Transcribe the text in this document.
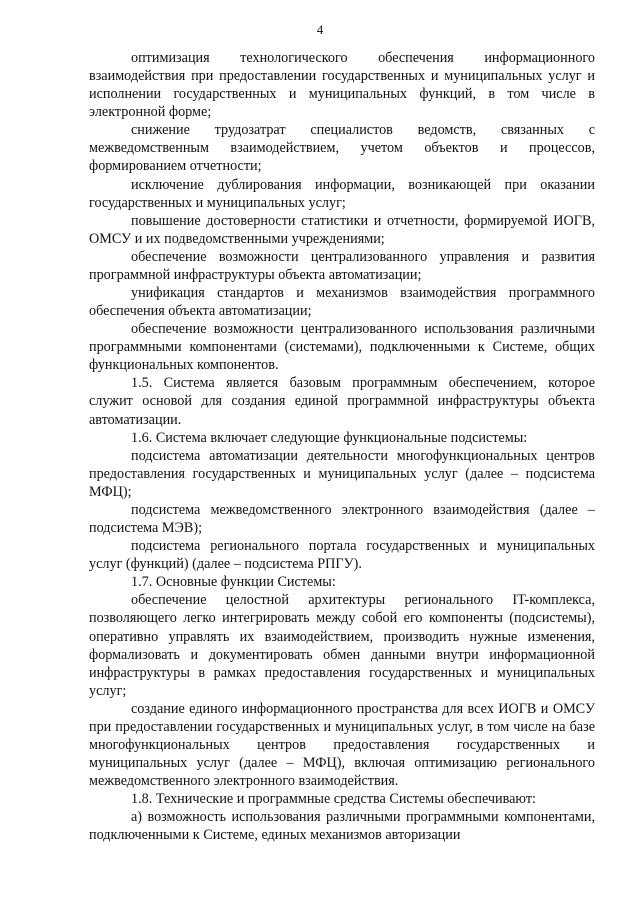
4

оптимизация технологического обеспечения информационного взаимодействия при предоставлении государственных и муниципальных услуг и исполнении государственных и муниципальных функций, в том числе в электронной форме;

снижение трудозатрат специалистов ведомств, связанных с межведомственным взаимодействием, учетом объектов и процессов, формированием отчетности;

исключение дублирования информации, возникающей при оказании государственных и муниципальных услуг;

повышение достоверности статистики и отчетности, формируемой ИОГВ, ОМСУ и их подведомственными учреждениями;

обеспечение возможности централизованного управления и развития программной инфраструктуры объекта автоматизации;

унификация стандартов и механизмов взаимодействия программного обеспечения объекта автоматизации;

обеспечение возможности централизованного использования различными программными компонентами (системами), подключенными к Системе, общих функциональных компонентов.

1.5. Система является базовым программным обеспечением, которое служит основой для создания единой программной инфраструктуры объекта автоматизации.

1.6. Система включает следующие функциональные подсистемы:

подсистема автоматизации деятельности многофункциональных центров предоставления государственных и муниципальных услуг (далее – подсистема МФЦ);

подсистема межведомственного электронного взаимодействия (далее – подсистема МЭВ);

подсистема регионального портала государственных и муниципальных услуг (функций) (далее – подсистема РПГУ).

1.7. Основные функции Системы:

обеспечение целостной архитектуры регионального IT-комплекса, позволяющего легко интегрировать между собой его компоненты (подсистемы), оперативно управлять их взаимодействием, производить нужные изменения, формализовать и документировать обмен данными внутри информационной инфраструктуры в рамках предоставления государственных и муниципальных услуг;

создание единого информационного пространства для всех ИОГВ и ОМСУ при предоставлении государственных и муниципальных услуг, в том числе на базе многофункциональных центров предоставления государственных и муниципальных услуг (далее – МФЦ), включая оптимизацию регионального межведомственного электронного взаимодействия.

1.8. Технические и программные средства Системы обеспечивают:

а) возможность использования различными программными компонентами, подключенными к Системе, единых механизмов авторизации
